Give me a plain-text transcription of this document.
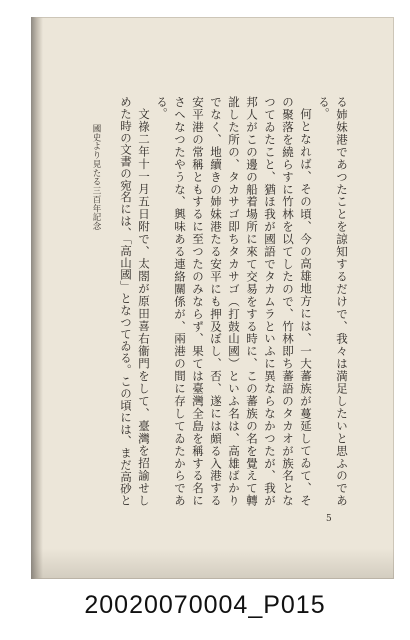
る姉妹港であつたことを諒知するだけで、我々は満足したいと思ふのであ
る。
何となれば、その頃、今の高雄地方には、一大蕃族が蔓延してゐて、そ
の聚落を繞らすに竹林を以てしたので、竹林即ち蕃語のタカオが族名とな
つてゐたこと、猶ほ我が國語でタカムラといふに異ならなかつたが、我が
邦人がこの邊の船着場所に來て交易をする時に、この蕃族の名を覺えて轉
訛した所の、タカサゴ即ちタカサゴ（打鼓山國）といふ名は、高雄ばかり
でなく、地續きの姉妹港たる安平にも押及ぼし、否、遂には頗る入港する
安平港の常稱ともするに至つたのみならず、果ては臺灣全島を稱する名に
さへなつたやうな、興味ある連絡關係が、兩港の間に存してゐたからであ
る。
文祿二年十一月五日附で、太閤が原田喜右衞門をして、臺灣を招諭せし
めた時の文書の宛名には、「高山國」となつてゐる。この頃には、まだ高砂と
國史より見たる三百年記念
5
20020070004_P015
